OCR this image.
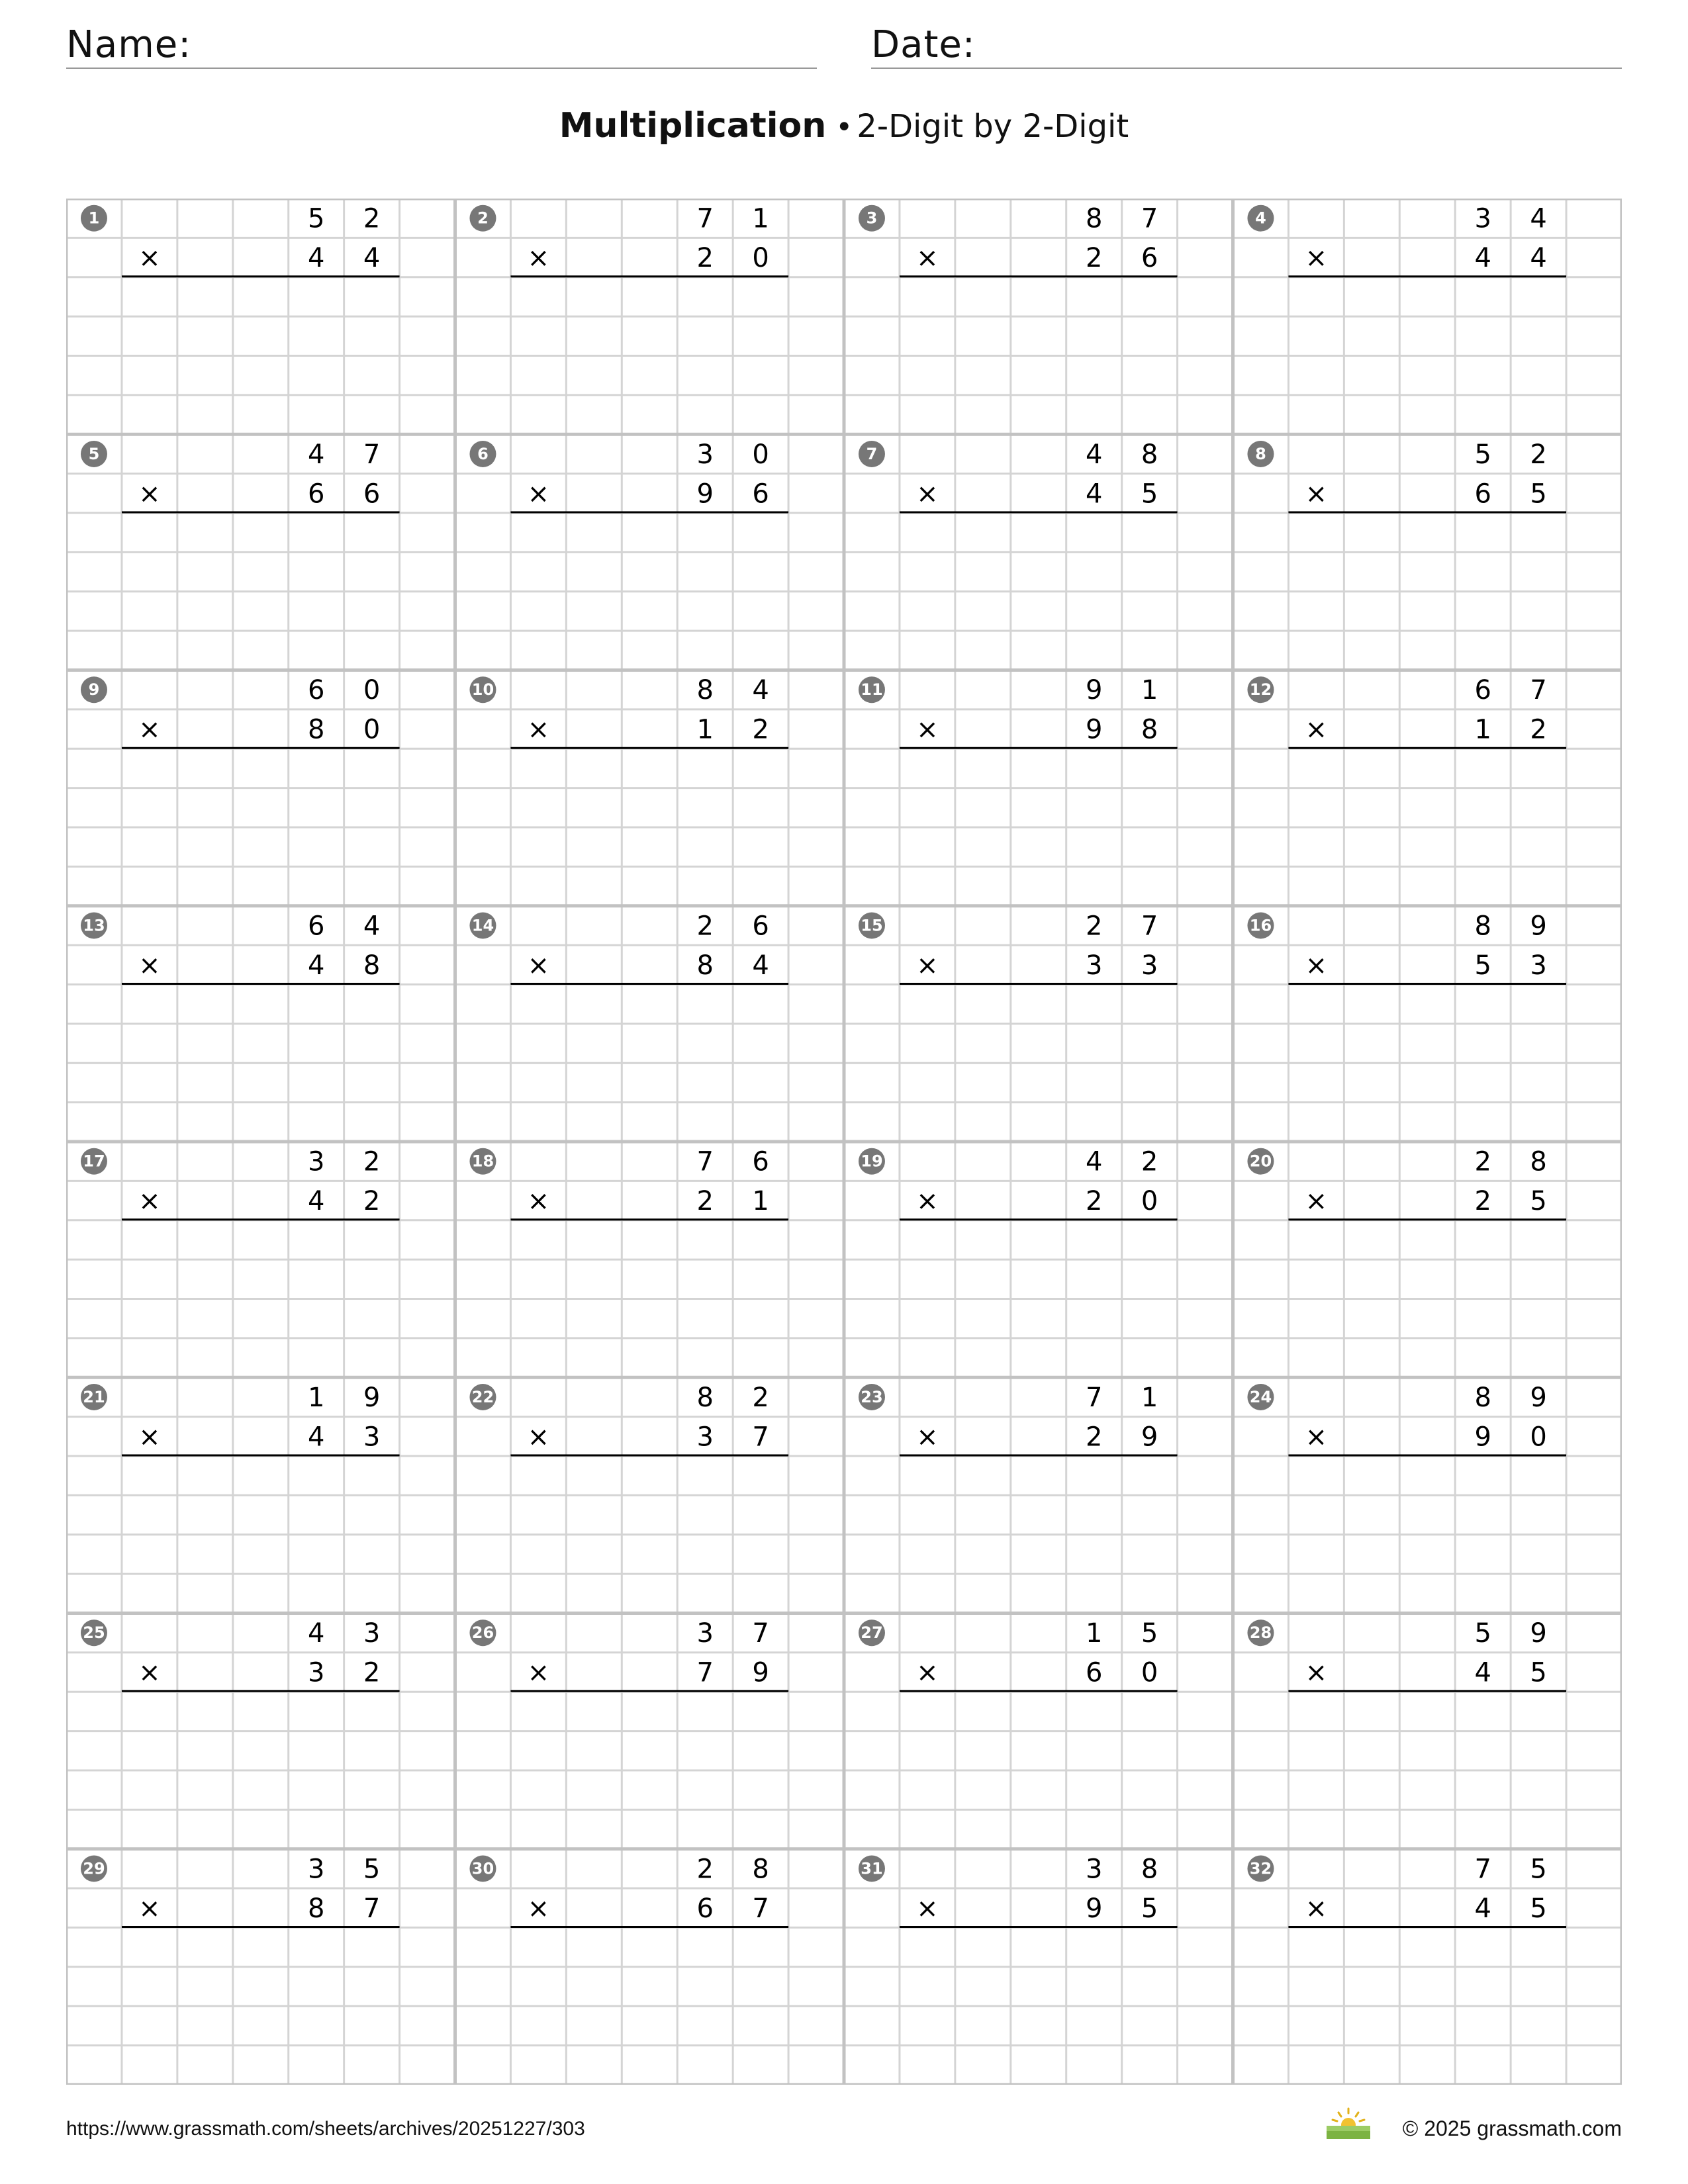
Name:	Date:
Multiplication • 2-Digit by 2-Digit
1	5 2
4 4
×
2	7 1
2 0
×
3	8 7
2 6
×
4	3 4
4 4
×
5	4 7
6 6
×
6	3 0
9 6
×
7	4 8
4 5
×
8	5 2
6 5
×
9	6 0
8 0
×
10	8 4
1 2
×
11	9 1
9 8
×
12	6 7
1 2
×
13	6 4
4 8
×
14	2 6
8 4
×
15	2 7
3 3
×
16	8 9
5 3
×
17	3 2
4 2
×
18	7 6
2 1
×
19	4 2
2 0
×
20	2 8
2 5
×
21	1 9
4 3
×
22	8 2
3 7
×
23	7 1
2 9
×
24	8 9
9 0
×
25	4 3
3 2
×
26	3 7
7 9
×
27	1 5
6 0
×
28	5 9
4 5
×
29	3 5
8 7
×
30	2 8
6 7
×
31	3 8
9 5
×
32	7 5
4 5
×
https://www.grassmath.com/sheets/archives/20251227/303	© 2025 grassmath.com
